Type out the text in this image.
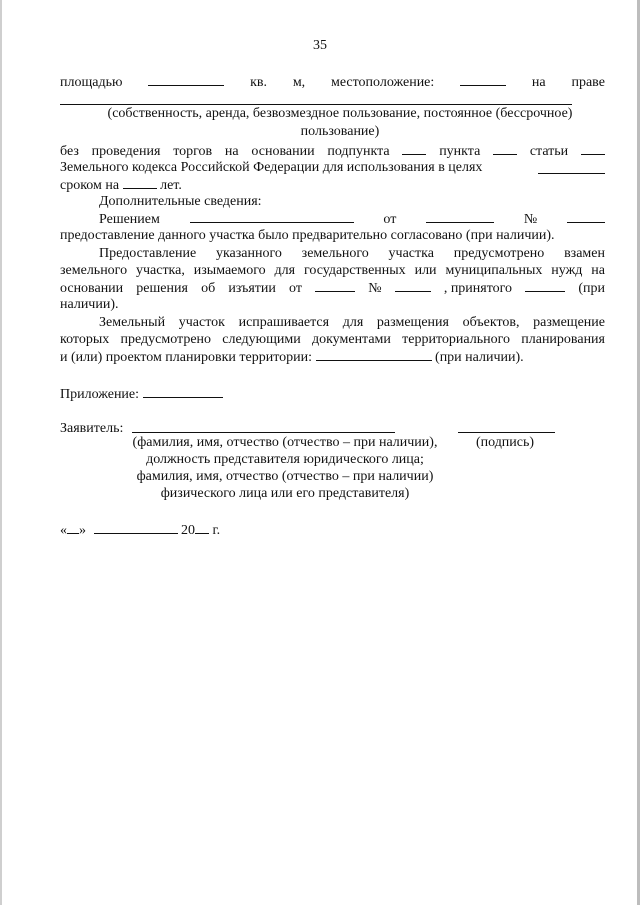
35
площадью	кв. м, местоположение:	на праве
(собственность, аренда, безвозмездное пользование, постоянное (бессрочное)
пользование)
без проведения торгов на основании подпункта	пункта	статьи
Земельного кодекса Российской Федерации для использования в целях
сроком на	лет.
Дополнительные сведения:
Решением	от	№
предоставление данного участка было предварительно согласовано (при наличии).
Предоставление указанного земельного участка предусмотрено взамен
земельного участка, изымаемого для государственных или муниципальных нужд на
основании решения об изъятии от	№	, принятого	(при
наличии).
Земельный участок испрашивается для размещения объектов, размещение
которых предусмотрено следующими документами территориального планирования
и (или) проектом планировки территории:	(при наличии).
Приложение:
Заявитель:
(фамилия, имя, отчество (отчество – при наличии),	(подпись)
должность представителя юридического лица;
фамилия, имя, отчество (отчество – при наличии)
физического лица или его представителя)
« »	20 г.
